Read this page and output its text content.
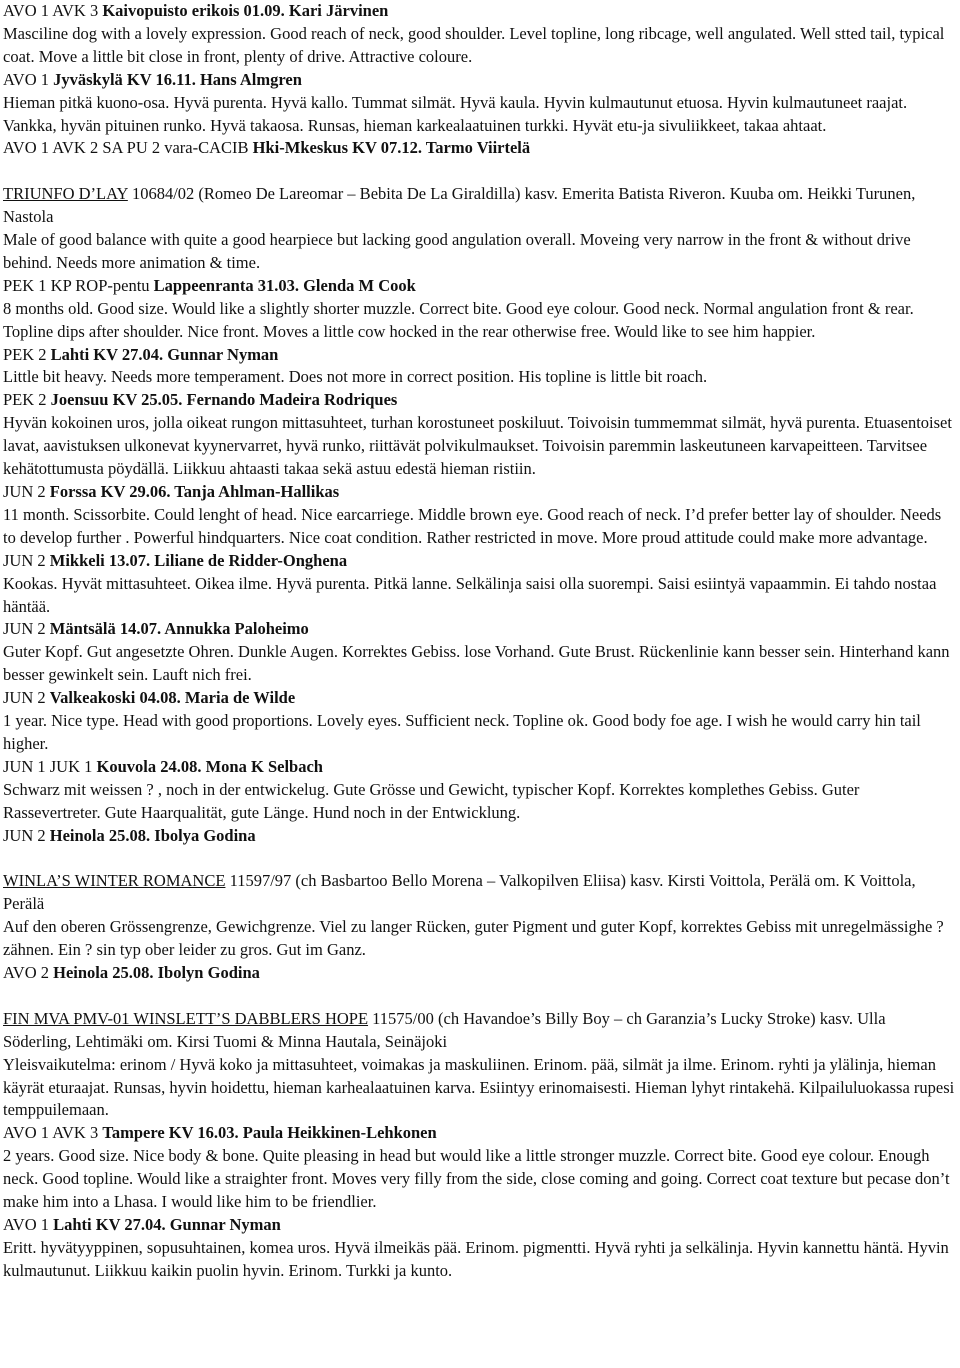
AVO 1 AVK 3 Kaivopuisto erikois 01.09. Kari Järvinen

Masciline dog with a lovely expression. Good reach of neck, good shoulder. Level topline, long ribcage, well angulated. Well stted tail, typical coat. Move a little bit close in front, plenty of drive. Attractive coloure.

AVO 1 Jyväskylä KV 16.11. Hans Almgren

Hieman pitkä kuono-osa. Hyvä purenta. Hyvä kallo. Tummat silmät. Hyvä kaula. Hyvin kulmautunut etuosa. Hyvin kulmautuneet raajat. Vankka, hyvän pituinen runko. Hyvä takaosa. Runsas, hieman karkealaatuinen turkki. Hyvät etu-ja sivuliikkeet, takaa ahtaat.

AVO 1 AVK 2 SA PU 2 vara-CACIB Hki-Mkeskus KV 07.12. Tarmo Viirtelä

TRIUNFO D’LAY 10684/02 (Romeo De Lareomar – Bebita De La Giraldilla) kasv. Emerita Batista Riveron. Kuuba om. Heikki Turunen, Nastola

Male of good balance with quite a good hearpiece but lacking good angulation overall. Moveing very narrow in the front & without drive behind. Needs more animation & time.

PEK 1 KP ROP-pentu Lappeenranta 31.03. Glenda M Cook

8 months old. Good size. Would like a slightly shorter muzzle. Correct bite. Good eye colour. Good neck. Normal angulation front & rear. Topline dips after shoulder. Nice front. Moves a little cow hocked in the rear otherwise free. Would like to see him happier.

PEK 2 Lahti KV 27.04. Gunnar Nyman

Little bit heavy. Needs more temperament. Does not more in correct position. His topline is little bit roach.

PEK 2 Joensuu KV 25.05. Fernando Madeira Rodriques

Hyvän kokoinen uros, jolla oikeat rungon mittasuhteet, turhan korostuneet poskiluut. Toivoisin tummemmat silmät, hyvä purenta. Etuasentoiset lavat, aavistuksen ulkonevat kyynervarret, hyvä runko, riittävät polvikulmaukset. Toivoisin paremmin laskeutuneen karvapeitteen. Tarvitsee kehätottumusta pöydällä. Liikkuu ahtaasti takaa sekä astuu edestä hieman ristiin.

JUN 2 Forssa KV 29.06. Tanja Ahlman-Hallikas

11 month. Scissorbite. Could lenght of head. Nice earcarriege. Middle brown eye. Good reach of neck. I’d prefer better lay of shoulder. Needs to develop further . Powerful hindquarters. Nice coat condition. Rather restricted in move. More proud attitude could make more advantage.

JUN 2 Mikkeli 13.07. Liliane de Ridder-Onghena

Kookas. Hyvät mittasuhteet. Oikea ilme. Hyvä purenta. Pitkä lanne. Selkälinja saisi olla suorempi. Saisi esiintyä vapaammin. Ei tahdo nostaa häntää.

JUN 2 Mäntsälä 14.07. Annukka Paloheimo

Guter Kopf. Gut angesetzte Ohren. Dunkle Augen. Korrektes Gebiss. lose Vorhand. Gute Brust. Rückenlinie kann besser sein. Hinterhand kann besser gewinkelt sein. Lauft nich frei.

JUN 2 Valkeakoski 04.08. Maria de Wilde

1 year. Nice type. Head with good proportions. Lovely eyes. Sufficient neck. Topline ok. Good body foe age. I wish he would carry hin tail higher.

JUN 1 JUK 1 Kouvola 24.08. Mona K Selbach

Schwarz mit weissen ? , noch in der entwickelug. Gute Grösse und Gewicht, typischer Kopf. Korrektes komplethes Gebiss. Guter Rassevertreter. Gute Haarqualität, gute Länge. Hund noch in der Entwicklung.

JUN 2 Heinola 25.08. Ibolya Godina

WINLA’S WINTER ROMANCE 11597/97 (ch Basbartoo Bello Morena – Valkopilven Eliisa) kasv. Kirsti Voittola, Perälä om. K Voittola, Perälä

Auf den oberen Grössengrenze, Gewichgrenze. Viel zu langer Rücken, guter Pigment und guter Kopf, korrektes Gebiss mit unregelmässighe ?zähnen. Ein ? sin typ ober leider zu gros. Gut im Ganz.

AVO 2 Heinola 25.08. Ibolyn Godina

FIN MVA PMV-01 WINSLETT’S DABBLERS HOPE 11575/00 (ch Havandoe’s Billy Boy – ch Garanzia’s Lucky Stroke) kasv. Ulla Söderling, Lehtimäki om. Kirsi Tuomi & Minna Hautala, Seinäjoki

Yleisvaikutelma: erinom / Hyvä koko ja mittasuhteet, voimakas ja maskuliinen. Erinom. pää, silmät ja ilme. Erinom. ryhti ja ylälinja, hieman käyrät eturaajat. Runsas, hyvin hoidettu, hieman karhealaatuinen karva. Esiintyy erinomaisesti. Hieman lyhyt rintakehä. Kilpailuluokassa rupesi temppuilemaan.

AVO 1 AVK 3 Tampere KV 16.03. Paula Heikkinen-Lehkonen

2 years. Good size. Nice body & bone. Quite pleasing in head but would like a little stronger muzzle. Correct bite. Good eye colour. Enough neck. Good topline. Would like a straighter front. Moves very filly from the side, close coming and going. Correct coat texture but pecase don’t make him into a Lhasa. I would like him to be friendlier.

AVO 1 Lahti KV 27.04. Gunnar Nyman

Eritt. hyvätyyppinen, sopusuhtainen, komea uros. Hyvä ilmeikäs pää. Erinom. pigmentti. Hyvä ryhti ja selkälinja. Hyvin kannettu häntä. Hyvin kulmautunut. Liikkuu kaikin puolin hyvin. Erinom. Turkki ja kunto.
